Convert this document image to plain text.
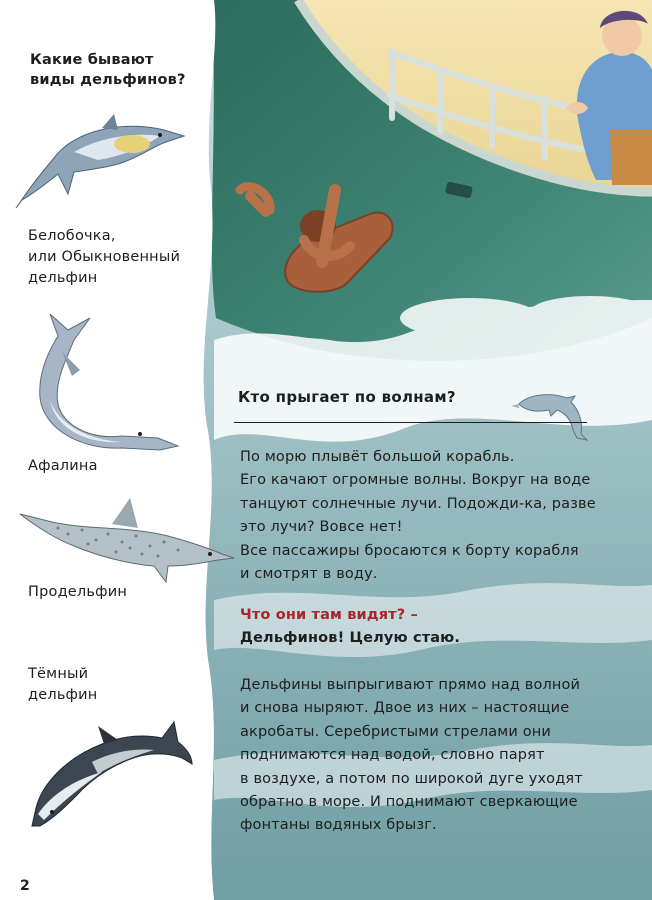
Какие бывают
виды дельфинов?
Белобочка,
или Обыкновенный
дельфин
Афалина
Продельфин
Тёмный
дельфин
2
Кто прыгает по волнам?
По морю плывёт большой корабль.
Его качают огромные волны. Вокруг на воде
танцуют солнечные лучи. Подожди-ка, разве
это лучи? Вовсе нет!
Все пассажиры бросаются к борту корабля
и смотрят в воду.
Что они там видят? –
Дельфинов! Целую стаю.
Дельфины выпрыгивают прямо над волной
и снова ныряют. Двое из них – настоящие
акробаты. Серебристыми стрелами они
поднимаются над водой, словно парят
в воздухе, а потом по широкой дуге уходят
обратно в море. И поднимают сверкающие
фонтаны водяных брызг.
